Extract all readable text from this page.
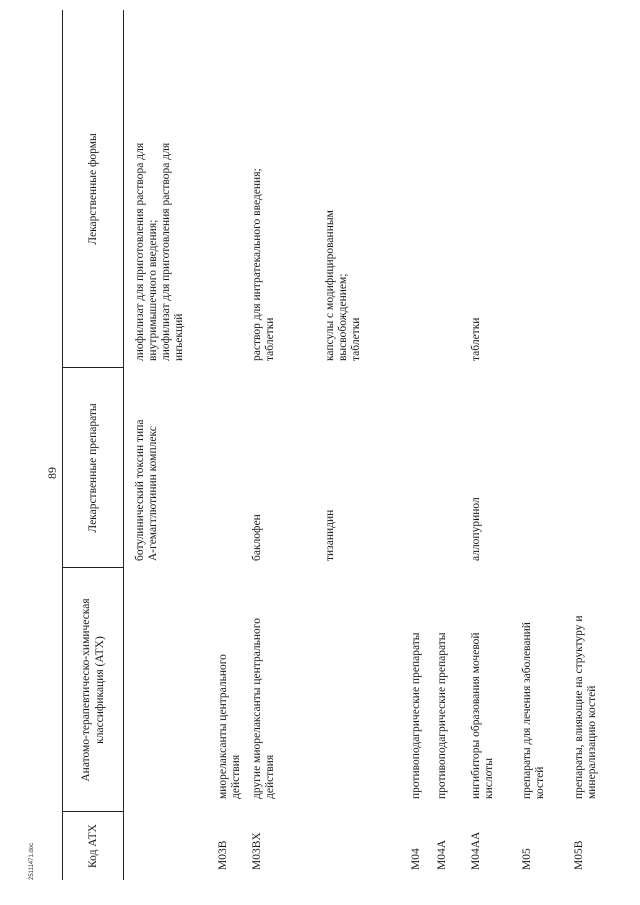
89
Код АТХ
Анатомо-терапевтическо-химическая классификация (АТХ)
Лекарственные препараты
Лекарственные формы
ботулинический токсин типа А-гемагглютинин комплекс
лиофилизат для приготовления раствора для внутримышечного введения; лиофилизат для приготовления раствора для инъекций
M03B
миорелаксанты центрального действия
M03BX
другие миорелаксанты центрального действия
баклофен
раствор для интратекального введения; таблетки
тизанидин
капсулы с модифицированным высвобождением; таблетки
M04
противоподагрические препараты
M04A
противоподагрические препараты
M04AA
ингибиторы образования мочевой кислоты
аллопуринол
таблетки
M05
препараты для лечения заболеваний костей
M05B
препараты, влияющие на структуру и минерализацию костей
25111471.doc
